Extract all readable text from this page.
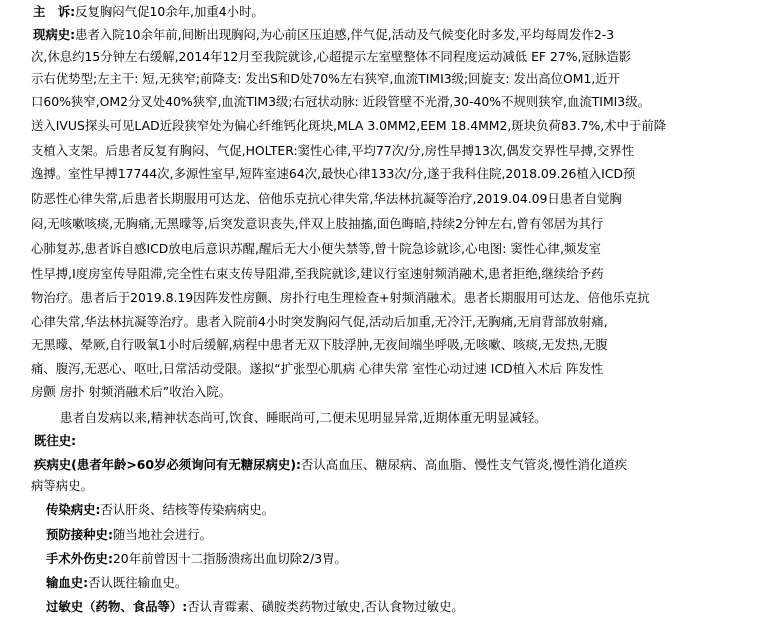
主　诉:反复胸闷气促10余年,加重4小时。
现病史:患者入院10余年前,间断出现胸闷,为心前区压迫感,伴气促,活动及气候变化时多发,平均每周发作2-3
次,休息约15分钟左右缓解,2014年12月至我院就诊,心超提示左室壁整体不同程度运动减低 EF 27%,冠脉造影
示右优势型;左主干: 短,无狭窄;前降支: 发出S和D处70%左右狭窄,血流TIMI3级;回旋支: 发出高位OM1,近开
口60%狭窄,OM2分叉处40%狭窄,血流TIM3级;右冠状动脉: 近段管壁不光滑,30-40%不规则狭窄,血流TIMI3级。
送入IVUS探头可见LAD近段狭窄处为偏心纤维钙化斑块,MLA 3.0MM2,EEM 18.4MM2,斑块负荷83.7%,术中于前降
支植入支架。后患者反复有胸闷、气促,HOLTER:窦性心律,平均77次/分,房性早搏13次,偶发交界性早搏,交界性
逸搏。室性早搏17744次,多源性室早,短阵室速64次,最快心律133次/分,遂于我科住院,2018.09.26植入ICD预
防恶性心律失常,后患者长期服用可达龙、倍他乐克抗心律失常,华法林抗凝等治疗,2019.04.09日患者自觉胸
闷,无咳嗽咳痰,无胸痛,无黑曚等,后突发意识丧失,伴双上肢抽搐,面色晦暗,持续2分钟左右,曾有邻居为其行
心肺复苏,患者诉自感ICD放电后意识苏醒,醒后无大小便失禁等,曾十院急诊就诊,心电图: 窦性心律,频发室
性早搏,I度房室传导阻滞,完全性右束支传导阻滞,至我院就诊,建议行室速射频消融术,患者拒绝,继续给予药
物治疗。患者后于2019.8.19因阵发性房颤、房扑行电生理检查+射频消融术。患者长期服用可达龙、倍他乐克抗
心律失常,华法林抗凝等治疗。患者入院前4小时突发胸闷气促,活动后加重,无冷汗,无胸痛,无肩背部放射痛,
无黑曚、晕厥,自行吸氧1小时后缓解,病程中患者无双下肢浮肿,无夜间端坐呼吸,无咳嗽、咳痰,无发热,无腹
痛、腹泻,无恶心、呕吐,日常活动受限。遂拟“扩张型心肌病 心律失常 室性心动过速 ICD植入术后 阵发性
房颤 房扑 射频消融术后”收治入院。
患者自发病以来,精神状态尚可,饮食、睡眠尚可,二便未见明显异常,近期体重无明显减轻。
既往史:
疾病史(患者年龄>60岁必须询问有无糖尿病史):否认高血压、糖尿病、高血脂、慢性支气管炎,慢性消化道疾
病等病史。
传染病史:否认肝炎、结核等传染病病史。
预防接种史:随当地社会进行。
手术外伤史:20年前曾因十二指肠溃疡出血切除2/3胃。
输血史:否认既往输血史。
过敏史（药物、食品等）:否认青霉素、磺胺类药物过敏史,否认食物过敏史。
